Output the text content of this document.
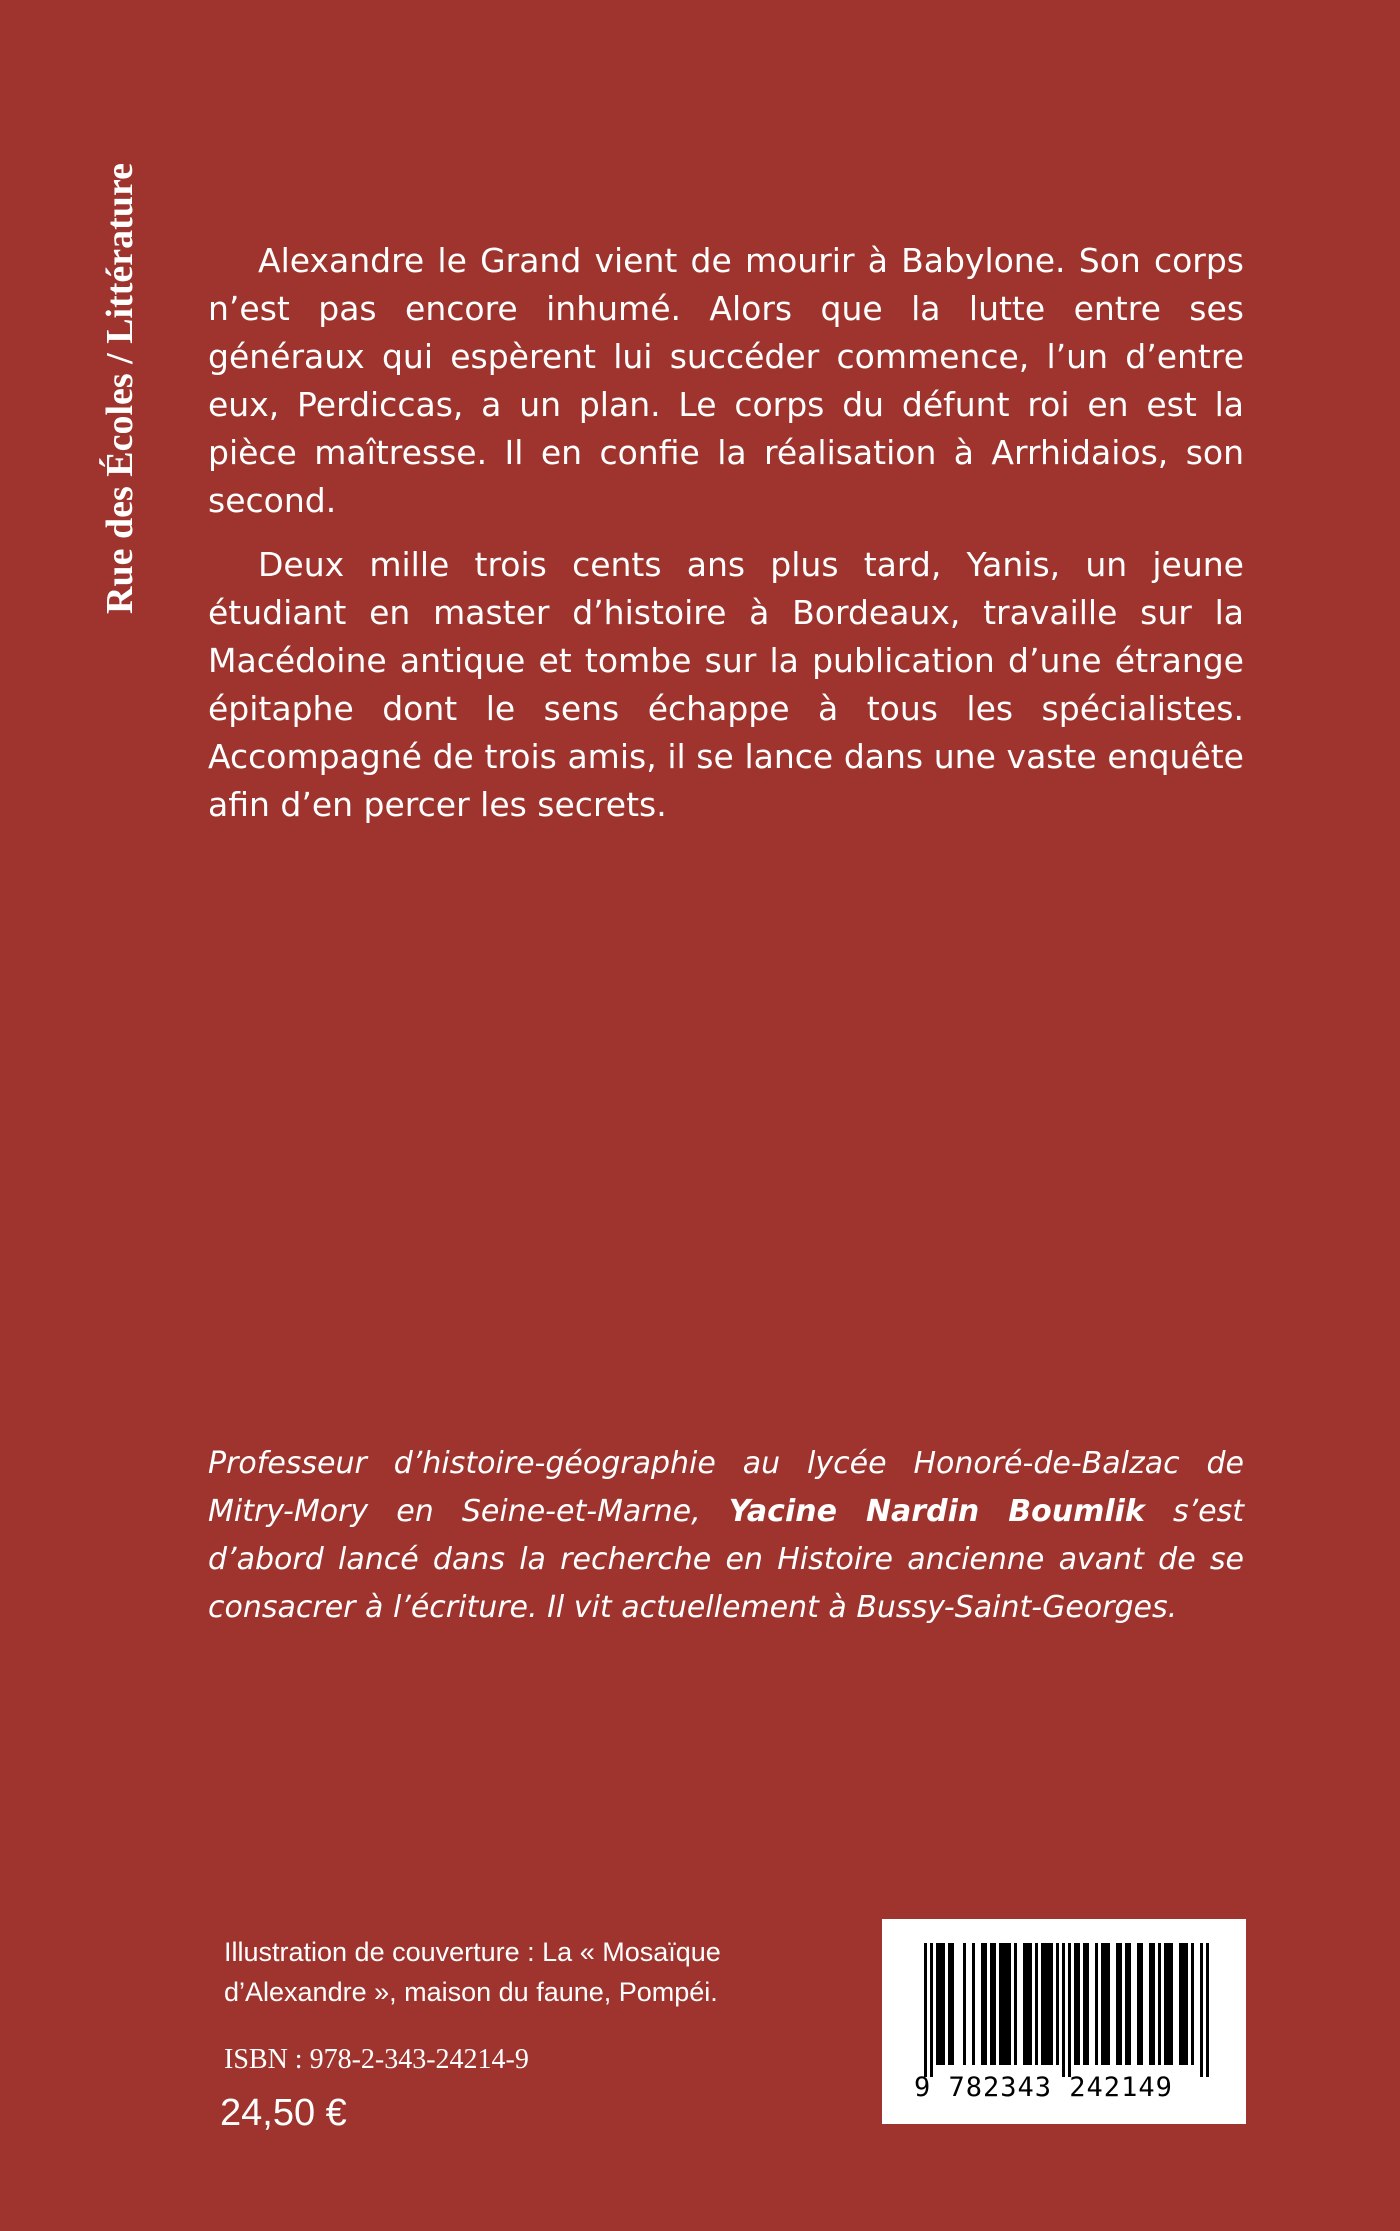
Rue des Écoles / Littérature	Alexandre le Grand vient de mourir à Babylone. Son corps n’est pas encore inhumé. Alors que la lutte entre ses généraux qui espèrent lui succéder commence, l’un d’entre eux, Perdiccas, a un plan. Le corps du défunt roi en est la pièce maîtresse. Il en confie la réalisation à Arrhidaios, son second.

Deux mille trois cents ans plus tard, Yanis, un jeune étudiant en master d’histoire à Bordeaux, travaille sur la Macédoine antique et tombe sur la publication d’une étrange épitaphe dont le sens échappe à tous les spécialistes. Accompagné de trois amis, il se lance dans une vaste enquête afin d’en percer les secrets.

Professeur d’histoire-géographie au lycée Honoré-de-Balzac de Mitry-Mory en Seine-et-Marne, Yacine Nardin Boumlik s’est d’abord lancé dans la recherche en Histoire ancienne avant de se consacrer à l’écriture. Il vit actuellement à Bussy-Saint-Georges.
Illustration de couverture : La « Mosaïque
d’Alexandre », maison du faune, Pompéi.
ISBN : 978-2-343-24214-9
24,50 €
9 782343 242149
